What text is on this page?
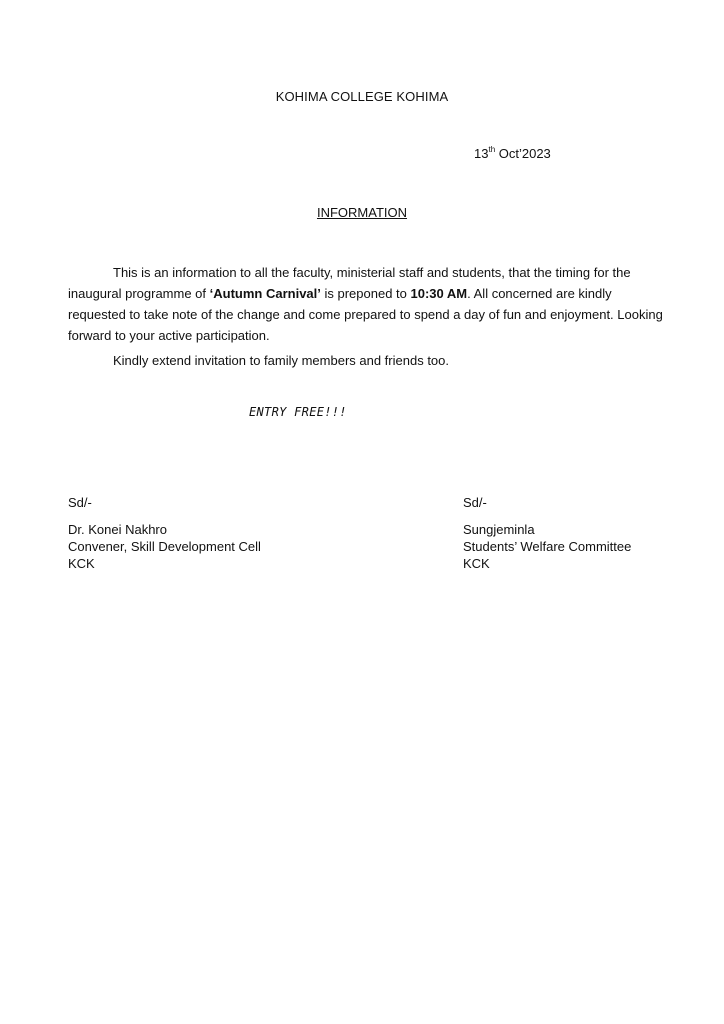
KOHIMA COLLEGE KOHIMA
13th Oct’2023
INFORMATION
This is an information to all the faculty, ministerial staff and students, that the timing for the inaugural programme of ‘Autumn Carnival’ is preponed to 10:30 AM. All concerned are kindly requested to take note of the change and come prepared to spend a day of fun and enjoyment. Looking forward to your active participation.
Kindly extend invitation to family members and friends too.
ENTRY FREE!!!
Sd/-
Dr. Konei Nakhro
Convener, Skill Development Cell
KCK
Sd/-
Sungjeminla
Students’ Welfare Committee
KCK
